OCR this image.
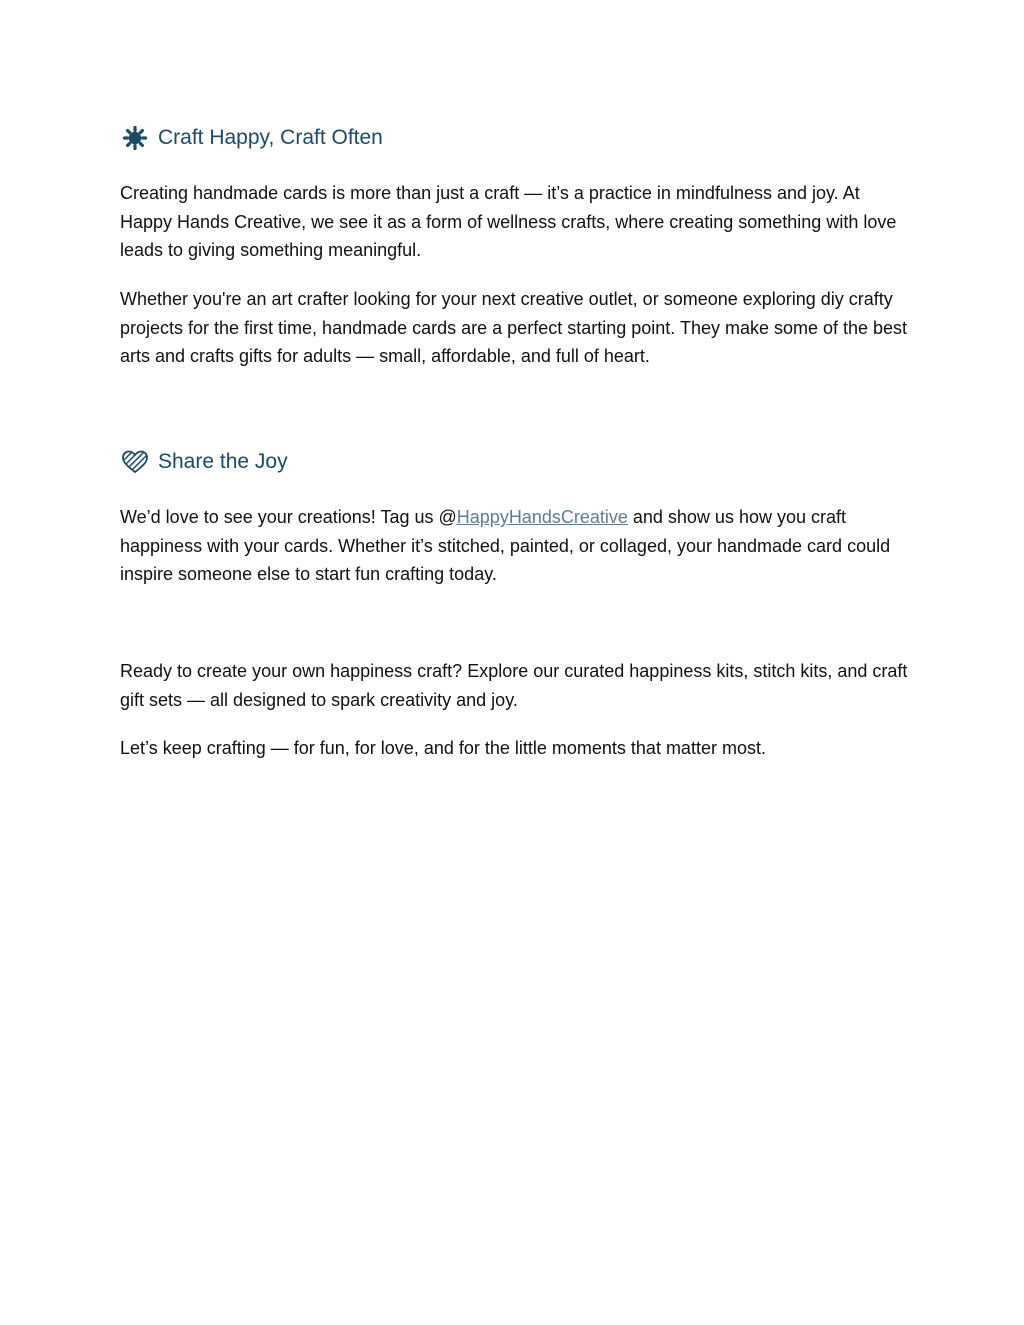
Craft Happy, Craft Often

Creating handmade cards is more than just a craft — it’s a practice in mindfulness and joy. At Happy Hands Creative, we see it as a form of wellness crafts, where creating something with love leads to giving something meaningful.

Whether you're an art crafter looking for your next creative outlet, or someone exploring diy crafty projects for the first time, handmade cards are a perfect starting point. They make some of the best arts and crafts gifts for adults — small, affordable, and full of heart.

Share the Joy

We’d love to see your creations! Tag us @HappyHandsCreative and show us how you craft happiness with your cards. Whether it’s stitched, painted, or collaged, your handmade card could inspire someone else to start fun crafting today.

Ready to create your own happiness craft? Explore our curated happiness kits, stitch kits, and craft gift sets — all designed to spark creativity and joy.

Let’s keep crafting — for fun, for love, and for the little moments that matter most.
